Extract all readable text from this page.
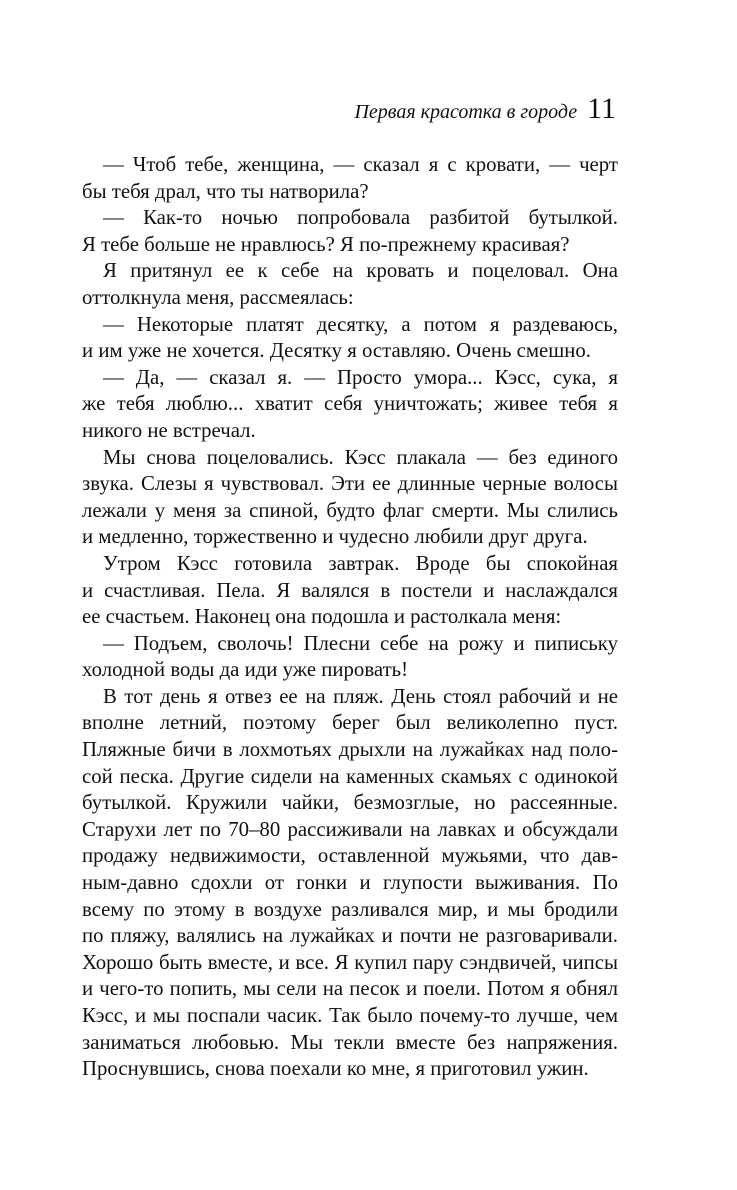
Первая красотка в городе 11
— Чтоб тебе, женщина, — сказал я с кровати, — черт
бы тебя драл, что ты натворила?
— Как-то ночью попробовала разбитой бутылкой.
Я тебе больше не нравлюсь? Я по-прежнему красивая?
Я притянул ее к себе на кровать и поцеловал. Она
оттолкнула меня, рассмеялась:
— Некоторые платят десятку, а потом я раздеваюсь,
и им уже не хочется. Десятку я оставляю. Очень смешно.
— Да, — сказал я. — Просто умора... Кэсс, сука, я
же тебя люблю... хватит себя уничтожать; живее тебя я
никого не встречал.
Мы снова поцеловались. Кэсс плакала — без единого
звука. Слезы я чувствовал. Эти ее длинные черные волосы
лежали у меня за спиной, будто флаг смерти. Мы слились
и медленно, торжественно и чудесно любили друг друга.
Утром Кэсс готовила завтрак. Вроде бы спокойная
и счастливая. Пела. Я валялся в постели и наслаждался
ее счастьем. Наконец она подошла и растолкала меня:
— Подъем, сволочь! Плесни себе на рожу и пипиську
холодной воды да иди уже пировать!
В тот день я отвез ее на пляж. День стоял рабочий и не
вполне летний, поэтому берег был великолепно пуст.
Пляжные бичи в лохмотьях дрыхли на лужайках над поло-
сой песка. Другие сидели на каменных скамьях с одинокой
бутылкой. Кружили чайки, безмозглые, но рассеянные.
Старухи лет по 70–80 рассиживали на лавках и обсуждали
продажу недвижимости, оставленной мужьями, что дав-
ным-давно сдохли от гонки и глупости выживания. По
всему по этому в воздухе разливался мир, и мы бродили
по пляжу, валялись на лужайках и почти не разговаривали.
Хорошо быть вместе, и все. Я купил пару сэндвичей, чипсы
и чего-то попить, мы сели на песок и поели. Потом я обнял
Кэсс, и мы поспали часик. Так было почему-то лучше, чем
заниматься любовью. Мы текли вместе без напряжения.
Проснувшись, снова поехали ко мне, я приготовил ужин.
